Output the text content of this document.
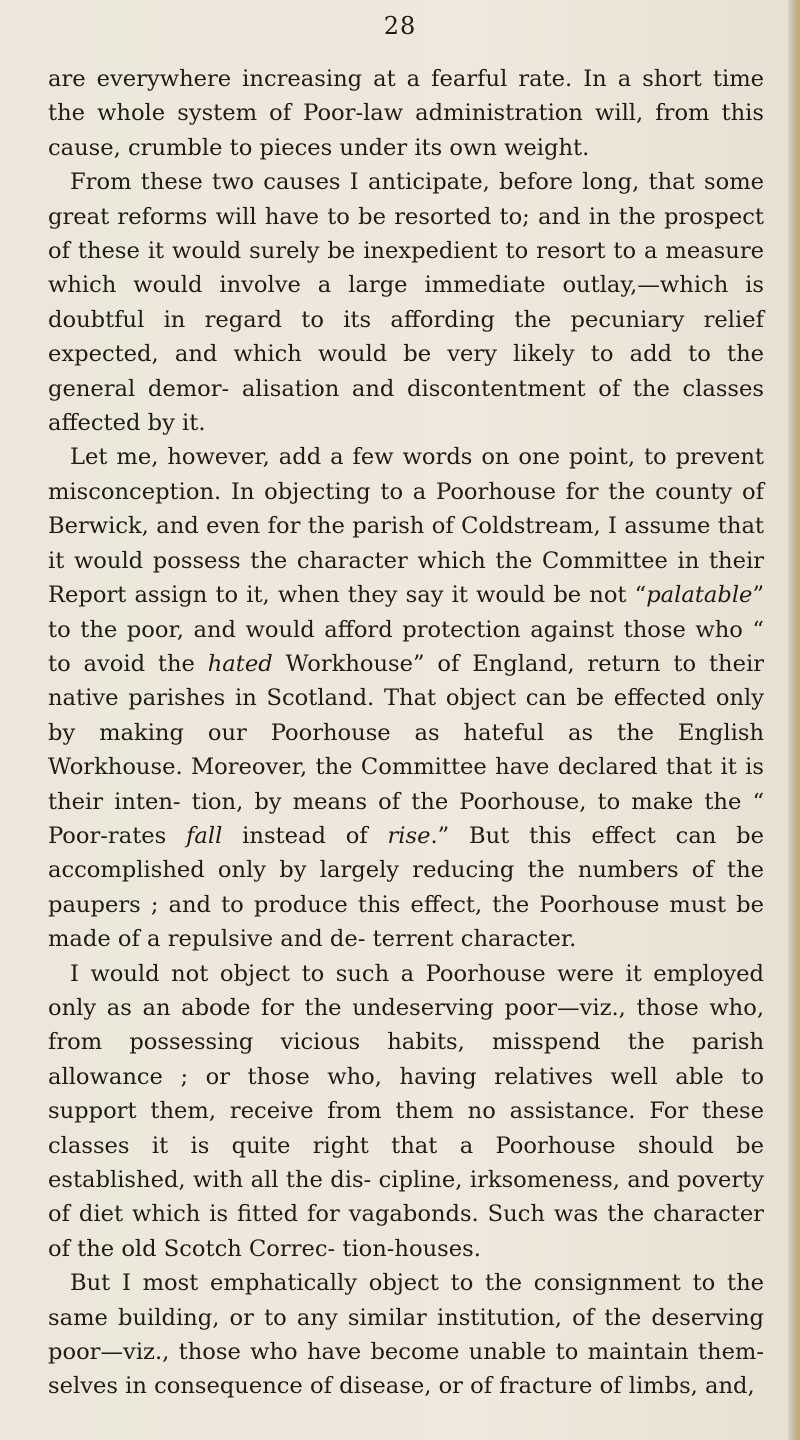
28

are everywhere increasing at a fearful rate. In a short time the whole system of Poor-law administration will, from this cause, crumble to pieces under its own weight.

From these two causes I anticipate, before long, that some great reforms will have to be resorted to; and in the prospect of these it would surely be inexpedient to resort to a measure which would involve a large immediate outlay,—which is doubtful in regard to its affording the pecuniary relief expected, and which would be very likely to add to the general demor- alisation and discontentment of the classes affected by it.

Let me, however, add a few words on one point, to prevent misconception. In objecting to a Poorhouse for the county of Berwick, and even for the parish of Coldstream, I assume that it would possess the character which the Committee in their Report assign to it, when they say it would be not “palatable” to the poor, and would afford protection against those who “ to avoid the hated Workhouse” of England, return to their native parishes in Scotland. That object can be effected only by making our Poorhouse as hateful as the English Workhouse. Moreover, the Committee have declared that it is their inten- tion, by means of the Poorhouse, to make the “ Poor-rates fall instead of rise.” But this effect can be accomplished only by largely reducing the numbers of the paupers ; and to produce this effect, the Poorhouse must be made of a repulsive and de- terrent character.

I would not object to such a Poorhouse were it employed only as an abode for the undeserving poor—viz., those who, from possessing vicious habits, misspend the parish allowance ; or those who, having relatives well able to support them, receive from them no assistance. For these classes it is quite right that a Poorhouse should be established, with all the dis- cipline, irksomeness, and poverty of diet which is fitted for vagabonds. Such was the character of the old Scotch Correc- tion-houses.

But I most emphatically object to the consignment to the same building, or to any similar institution, of the deserving poor—viz., those who have become unable to maintain them- selves in consequence of disease, or of fracture of limbs, and,
